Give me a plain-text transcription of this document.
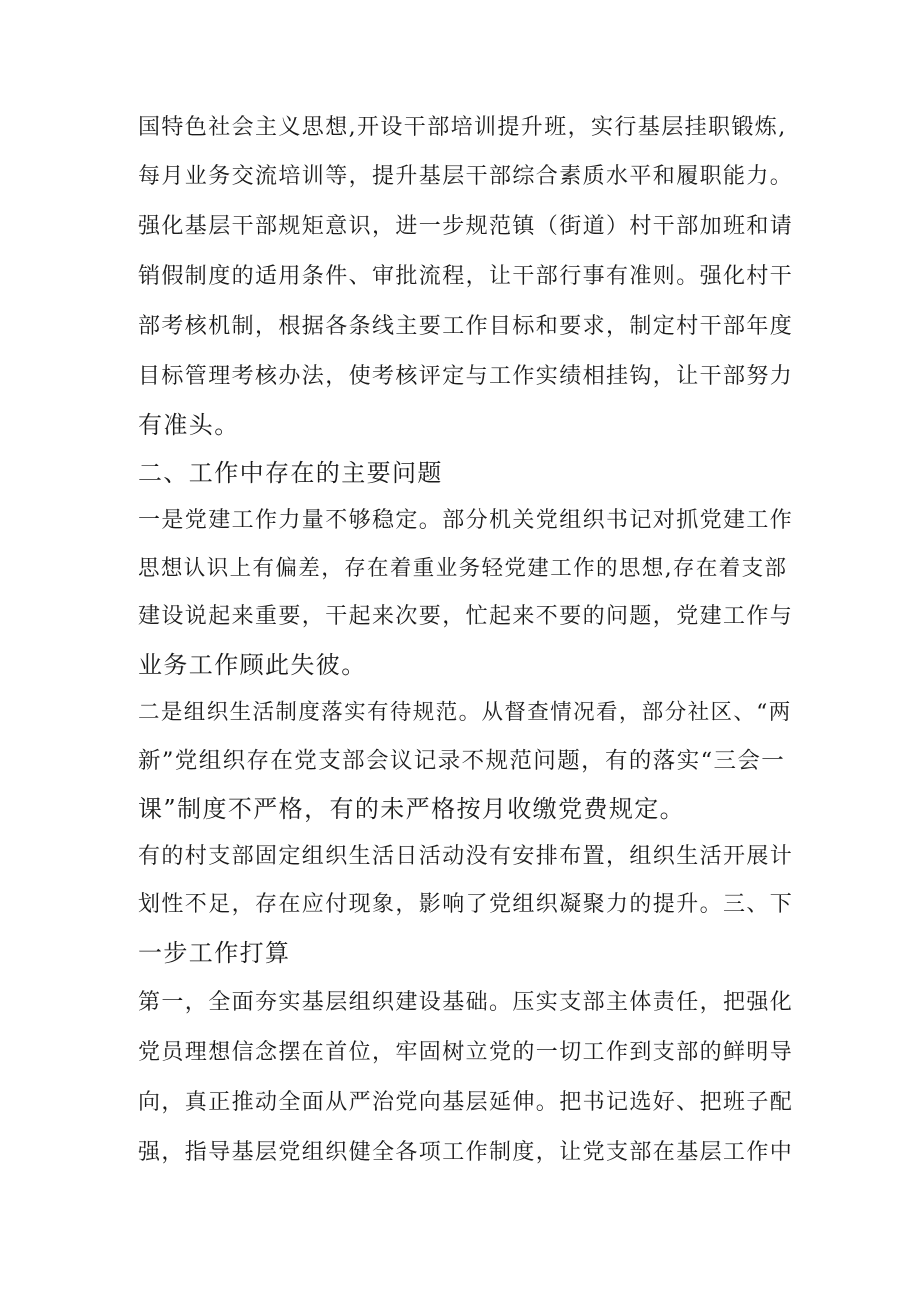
国特色社会主义思想,开设干部培训提升班，实行基层挂职锻炼,

每月业务交流培训等，提升基层干部综合素质水平和履职能力。

强化基层干部规矩意识，进一步规范镇（街道）村干部加班和请

销假制度的适用条件、审批流程，让干部行事有准则。强化村干

部考核机制，根据各条线主要工作目标和要求，制定村干部年度

目标管理考核办法，使考核评定与工作实绩相挂钩，让干部努力

有准头。

二、工作中存在的主要问题

一是党建工作力量不够稳定。部分机关党组织书记对抓党建工作

思想认识上有偏差，存在着重业务轻党建工作的思想,存在着支部

建设说起来重要，干起来次要，忙起来不要的问题，党建工作与

业务工作顾此失彼。

二是组织生活制度落实有待规范。从督查情况看，部分社区、“两

新”党组织存在党支部会议记录不规范问题，有的落实“三会一

课”制度不严格，有的未严格按月收缴党费规定。

有的村支部固定组织生活日活动没有安排布置，组织生活开展计

划性不足，存在应付现象，影响了党组织凝聚力的提升。三、下

一步工作打算

第一，全面夯实基层组织建设基础。压实支部主体责任，把强化

党员理想信念摆在首位，牢固树立党的一切工作到支部的鲜明导

向，真正推动全面从严治党向基层延伸。把书记选好、把班子配

强，指导基层党组织健全各项工作制度，让党支部在基层工作中
